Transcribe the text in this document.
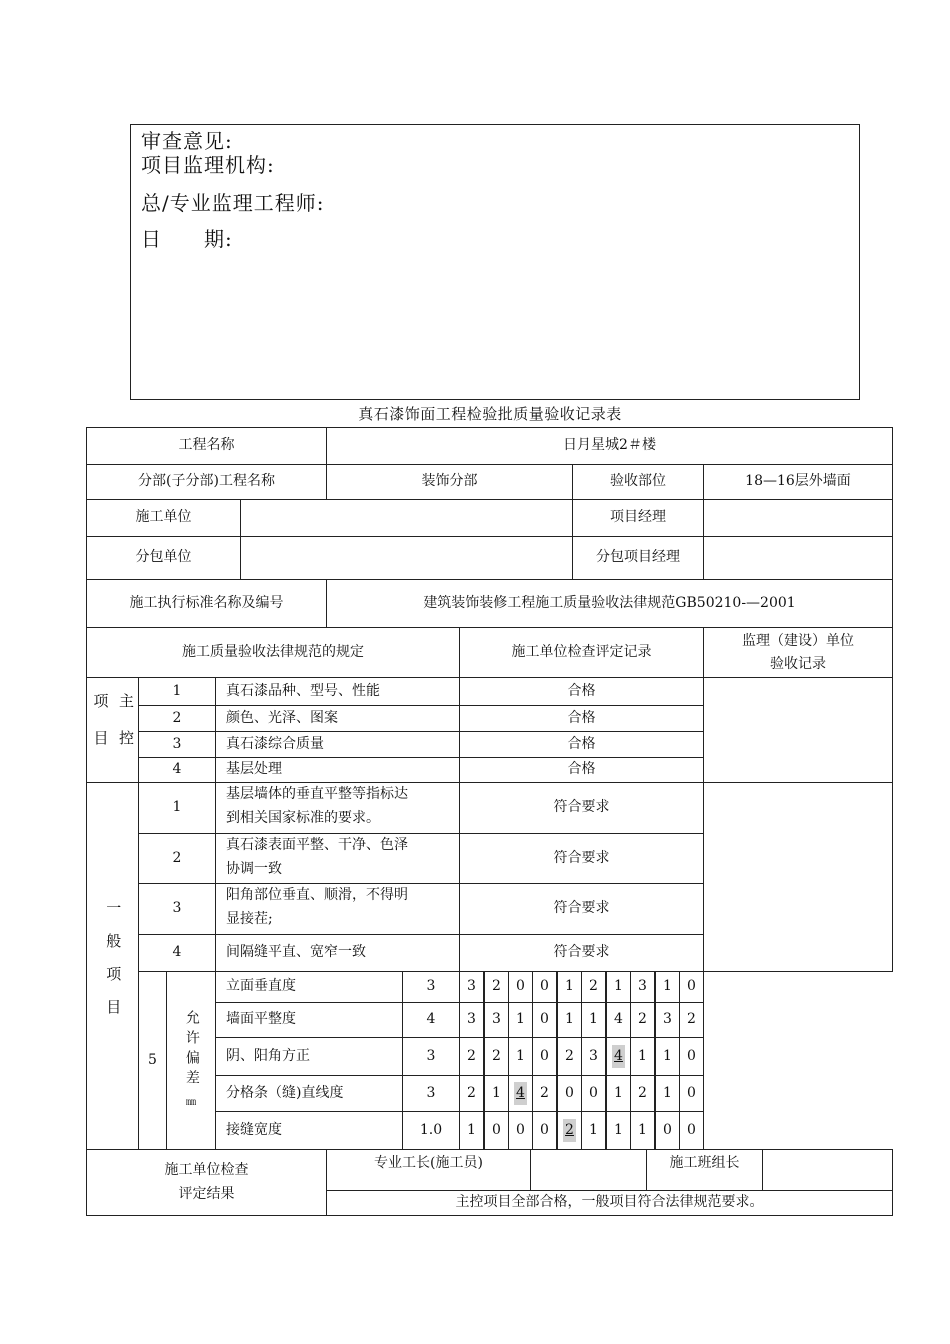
审查意见:
项目监理机构:
总/专业监理工程师:
日　　期:
真石漆饰面工程检验批质量验收记录表
工程名称	日月星城2＃楼
分部(子分部)工程名称	装饰分部	验收部位	18—16层外墙面
施工单位	项目经理
分包单位	分包项目经理
施工执行标准名称及编号	建筑装饰装修工程施工质量验收法律规范GB50210-—2001
施工质量验收法律规范的规定	施工单位检查评定记录
监理（建设）单位
验收记录
主控项目
1	真石漆品种、型号、性能	合格
2	颜色、光泽、图案	合格
3	真石漆综合质量	合格
4	基层处理	合格
一般项目
1
基层墙体的垂直平整等指标达
到相关国家标准的要求。
符合要求
2
真石漆表面平整、干净、色泽
协调一致
符合要求
3
阳角部位垂直、顺滑，不得明
显接茬;
符合要求
4	间隔缝平直、宽窄一致	符合要求
5	允许偏差
㎜
立面垂直度	3	3 2 0 0 1 2 1 3 1 0
墙面平整度	4	3 3 1 0 1 1 4 2 3 2
阴、阳角方正	3	2 2 1 0 2 3 4 1 1 0
分格条（缝)直线度	3	2 1 4 2 0 0 1 2 1 0
接缝宽度	1.0	1 0 0 0 2 1 1 1 0 0
施工单位检查
评定结果
专业工长(施工员)	施工班组长
主控项目全部合格，一般项目符合法律规范要求。
